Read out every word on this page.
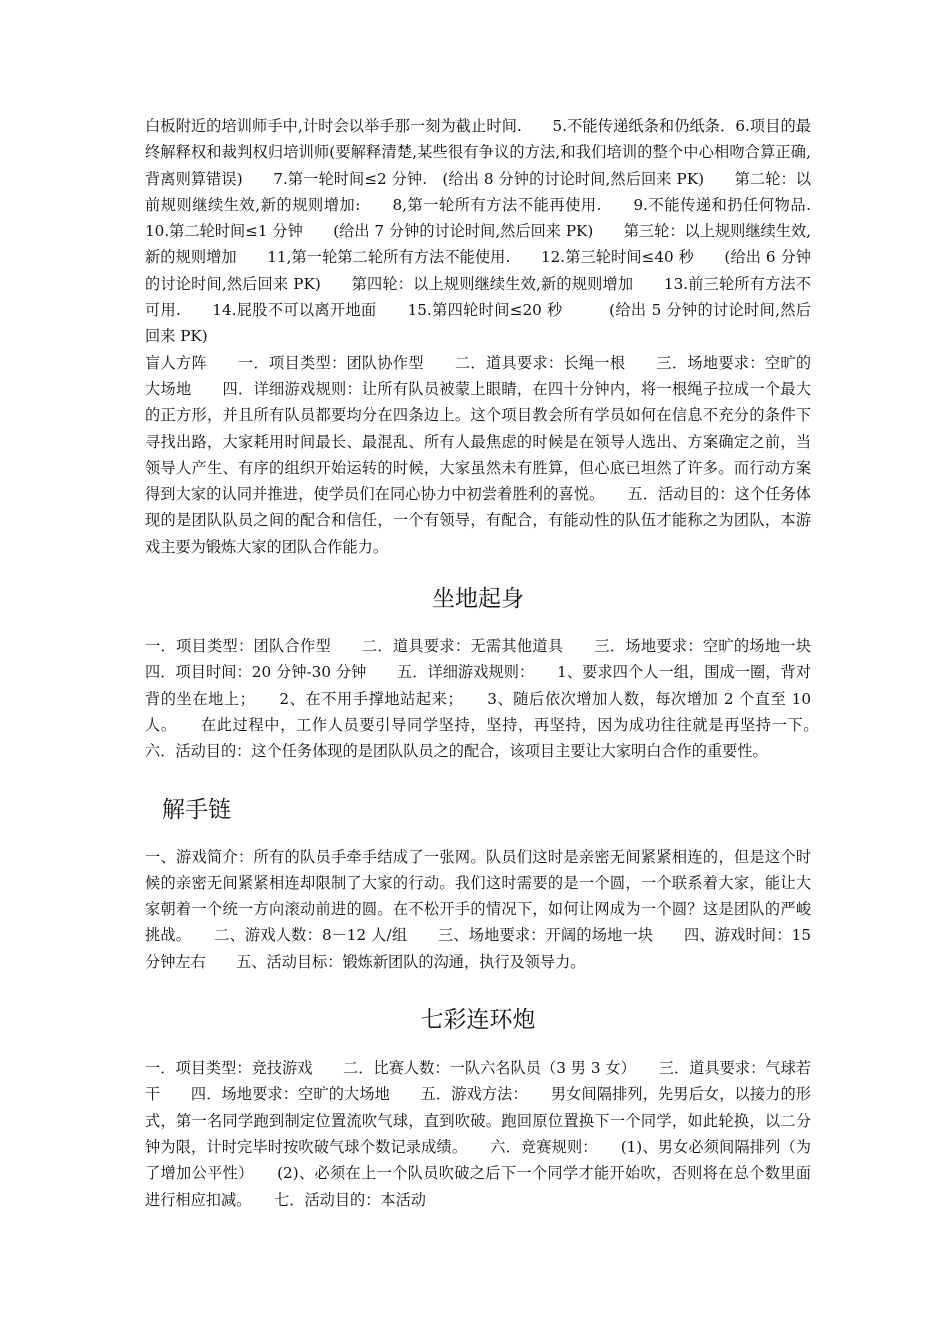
白板附近的培训师手中,计时会以举手那一刻为截止时间.　　5.不能传递纸条和仍纸条．6.项目的最终解释权和裁判权归培训师(要解释清楚,某些很有争议的方法,和我们培训的整个中心相吻合算正确,背离则算错误)　　7.第一轮时间≤2 分钟.　(给出 8 分钟的讨论时间,然后回来 PK)　　第二轮：以前规则继续生效,新的规则增加:　　8,第一轮所有方法不能再使用.　　9.不能传递和扔任何物品.　　10.第二轮时间≤1 分钟　　(给出 7 分钟的讨论时间,然后回来 PK)　　第三轮：以上规则继续生效,新的规则增加　　11,第一轮第二轮所有方法不能使用.　　12.第三轮时间≤40 秒　　(给出 6 分钟的讨论时间,然后回来 PK)　　第四轮：以上规则继续生效,新的规则增加　　13.前三轮所有方法不可用.　　14.屁股不可以离开地面　　15.第四轮时间≤20 秒　　　(给出 5 分钟的讨论时间,然后回来 PK)

盲人方阵　　一．项目类型：团队协作型　　二．道具要求：长绳一根　　三．场地要求：空旷的大场地　　四．详细游戏规则：让所有队员被蒙上眼睛，在四十分钟内，将一根绳子拉成一个最大的正方形，并且所有队员都要均分在四条边上。这个项目教会所有学员如何在信息不充分的条件下寻找出路，大家耗用时间最长、最混乱、所有人最焦虑的时候是在领导人选出、方案确定之前，当领导人产生、有序的组织开始运转的时候，大家虽然未有胜算，但心底已坦然了许多。而行动方案得到大家的认同并推进，使学员们在同心协力中初尝着胜利的喜悦。　　五．活动目的：这个任务体现的是团队队员之间的配合和信任，一个有领导，有配合，有能动性的队伍才能称之为团队，本游戏主要为锻炼大家的团队合作能力。

坐地起身

一．项目类型：团队合作型　　二．道具要求：无需其他道具　　三．场地要求：空旷的场地一块　　四．项目时间：20 分钟-30 分钟　　五．详细游戏规则：　　1、要求四个人一组，围成一圈，背对背的坐在地上；　　2、在不用手撑地站起来；　　3、随后依次增加人数，每次增加 2 个直至 10 人。　　在此过程中，工作人员要引导同学坚持，坚持，再坚持，因为成功往往就是再坚持一下。　　六．活动目的：这个任务体现的是团队队员之的配合，该项目主要让大家明白合作的重要性。

解手链

一、游戏简介：所有的队员手牵手结成了一张网。队员们这时是亲密无间紧紧相连的，但是这个时候的亲密无间紧紧相连却限制了大家的行动。我们这时需要的是一个圆，一个联系着大家，能让大家朝着一个统一方向滚动前进的圆。在不松开手的情况下，如何让网成为一个圆？这是团队的严峻挑战。　　二、游戏人数：8－12 人/组　　三、场地要求：开阔的场地一块　　四、游戏时间：15 分钟左右　　五、活动目标：锻炼新团队的沟通，执行及领导力。

七彩连环炮

一．项目类型：竞技游戏　　二．比赛人数：一队六名队员（3 男 3 女）　　三．道具要求：气球若干　　四．场地要求：空旷的大场地　　五．游戏方法：　　男女间隔排列，先男后女，以接力的形式，第一名同学跑到制定位置流吹气球，直到吹破。跑回原位置换下一个同学，如此轮换，以二分钟为限，计时完毕时按吹破气球个数记录成绩。　　六．竞赛规则：　　(1)、男女必须间隔排列（为了增加公平性）　　(2)、必须在上一个队员吹破之后下一个同学才能开始吹，否则将在总个数里面进行相应扣减。　　七．活动目的：本活动
